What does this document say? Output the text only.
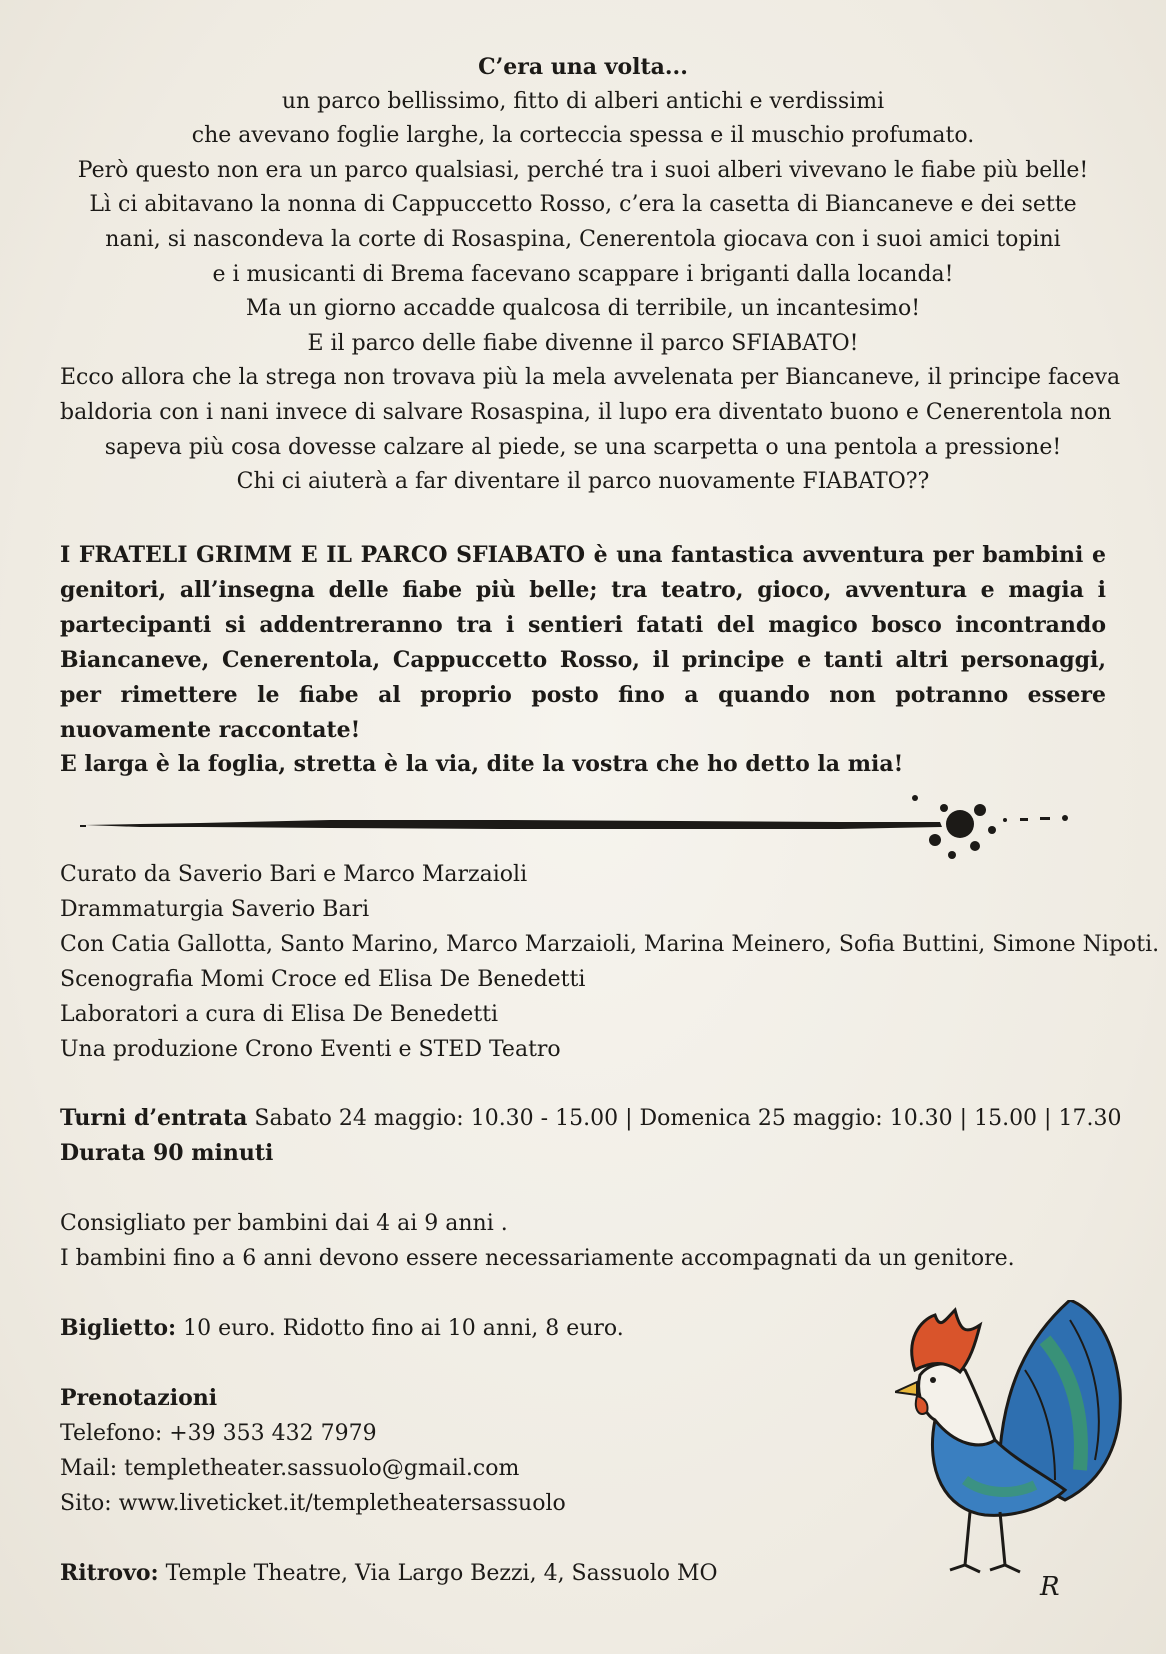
C’era una volta...
un parco bellissimo, fitto di alberi antichi e verdissimi
che avevano foglie larghe, la corteccia spessa e il muschio profumato.
Però questo non era un parco qualsiasi, perché tra i suoi alberi vivevano le fiabe più belle!
Lì ci abitavano la nonna di Cappuccetto Rosso, c’era la casetta di Biancaneve e dei sette
nani, si nascondeva la corte di Rosaspina, Cenerentola giocava con i suoi amici topini
e i musicanti di Brema facevano scappare i briganti dalla locanda!
Ma un giorno accadde qualcosa di terribile, un incantesimo!
E il parco delle fiabe divenne il parco SFIABATO!
Ecco allora che la strega non trovava più la mela avvelenata per Biancaneve, il principe faceva
baldoria con i nani invece di salvare Rosaspina, il lupo era diventato buono e Cenerentola non
sapeva più cosa dovesse calzare al piede, se una scarpetta o una pentola a pressione!
Chi ci aiuterà a far diventare il parco nuovamente FIABATO??
I FRATELI GRIMM E IL PARCO SFIABATO è una fantastica avventura per bambini e genitori, all’insegna delle fiabe più belle; tra teatro, gioco, avventura e magia i partecipanti si addentreranno tra i sentieri fatati del magico bosco incontrando Biancaneve, Cenerentola, Cappuccetto Rosso, il principe e tanti altri personaggi, per rimettere le fiabe al proprio posto fino a quando non potranno essere nuovamente raccontate!
E larga è la foglia, stretta è la via, dite la vostra che ho detto la mia!
Curato da Saverio Bari e Marco Marzaioli
Drammaturgia Saverio Bari
Con Catia Gallotta, Santo Marino, Marco Marzaioli, Marina Meinero, Sofia Buttini, Simone Nipoti.
Scenografia Momi Croce ed Elisa De Benedetti
Laboratori a cura di Elisa De Benedetti
Una produzione Crono Eventi e STED Teatro
Turni d’entrata Sabato 24 maggio: 10.30 - 15.00 | Domenica 25 maggio: 10.30 | 15.00 | 17.30
Durata 90 minuti
Consigliato per bambini dai 4 ai 9 anni .
I bambini fino a 6 anni devono essere necessariamente accompagnati da un genitore.
Biglietto: 10 euro. Ridotto fino ai 10 anni, 8 euro.
Prenotazioni
Telefono: +39 353 432 7979
Mail: templetheater.sassuolo@gmail.com
Sito: www.liveticket.it/templetheatersassuolo
Ritrovo: Temple Theatre, Via Largo Bezzi, 4, Sassuolo MO	R
